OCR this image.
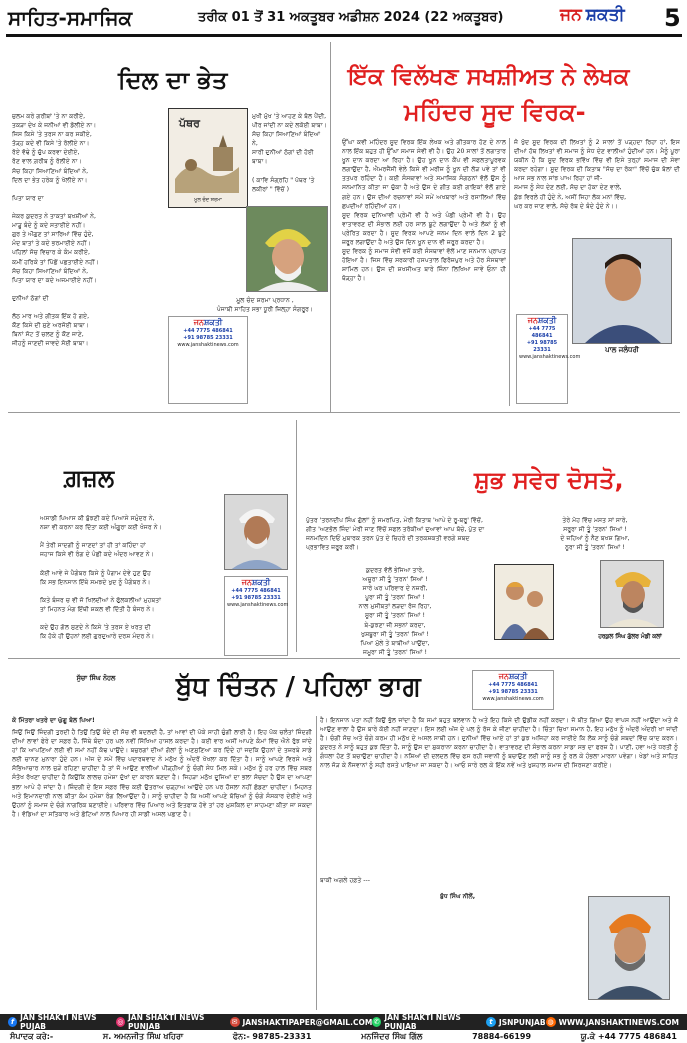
ਸਾਹਿਤ-ਸਮਾਜਿਕ	ਤਰੀਕ 01 ਤੋਂ 31 ਅਕਤੂਬਰ ਅਡੀਸ਼ਨ 2024 (22 ਅਕਤੂਬਰ)	ਜਨ ਸ਼ਕਤੀ	5
ਦਿਲ ਦਾ ਭੇਤ

ਜ਼ੁਲਮ ਕਰੇ ਗਰੀਬਾਂ 'ਤੇ ਨਾ ਕਰੀਏ,

ਤਕੜਾ ਦੇਖ ਕੇ ਜਨੀਆਂ ਵੀ ਡੋਲੀਏ ਨਾ।

ਜਿਸ ਕਿਸੇ 'ਤੇ ਤਰਸ ਨਾ ਕਰ ਸਕੀਏ,

ਤੋੜ੍ਹ ਕਦੇ ਵੀ ਕਿਸੇ 'ਤੇ ਰੋਲੀਏ ਨਾ।

ਰੋਏ ਵੱਢੇ ਨੂੰ ਚੁੱਪ ਕਰਵਾ ਦੇਈਏ,

ਰੋਣ ਵਾਲ ਗ਼ਰੀਬ ਨੂੰ ਰੋਲੀਏ ਨਾ।

ਸੱਚ ਕਿਹਾ ਸਿਆਣਿਆਂ ਬੰਦਿਆਂ ਨੇ,

ਦਿਲ ਦਾ ਭੇਤ ਹਰੇਕ ਨੂੰ ਖੋਲੀਏ ਨਾ।

ਪਿਤਾ ਯਾਰ ਦਾ

ਜੇਕਰ ਕੁਦਰਤ ਨੇ ਤਾਕਤਾਂ ਬਖਸ਼ੀਆਂ ਨੇ,

ਮਾੜੂ ਬੰਦੇ ਨੂੰ ਕਦੇ ਸਤਾਈਏ ਨਹੀਂ।

ਗੁਰ ਤੇ ਔਗੁਣ ਤਾਂ ਸਾਰਿਆਂ ਵਿੱਚ ਹੁੰਦੇ,

ਮੰਦ ਬਾਤਾਂ ਤੇ ਕਦੇ ਭਰਮਾਈਏ ਨਹੀਂ।

ਪਹਿਲਾਂ ਸੋਚ ਵਿਚਾਰ ਕੇ ਕੰਮ ਕਰੀਏ,

ਕਮੀਂ ਹਰਿਕੇ ਤਾਂ ਪਿੱਛੋਂ ਪਛਤਾਈਏ ਨਹੀਂ।

ਸੱਚ ਕਿਹਾ ਸਿਆਣਿਆਂ ਬੰਦਿਆਂ ਨੇ,

ਪਿਤਾ ਯਾਰ ਦਾ ਕਦੇ ਅਜਮਾਈਏ ਨਹੀਂ।

ਦੁਨੀਆਂ ਠੱਗਾਂ ਦੀ

ਲੱਠ ਮਾਰ ਅਤੇ ਗੀਤਕ ਇੱਕ ਹੋ ਗਏ,

ਕੌਣ ਕਿਸੇ ਦੀ ਸੁਣੇ ਅਰਜੋਈ ਬਾਬਾ।

ਬਿਨਾਂ ਸੱਟ ਤੋਂ ਚਲਣ ਨੂੰ ਕੌਣ ਜਾਣੇ,

ਜੀਹਨੂੰ ਜਾਣਦੀ ਜਾਵਦੇ ਸੋਈ ਬਾਬਾ।

ਪੱਥਰ
ਮੂਲ ਚੰਦ ਸ਼ਰਮਾ

ਮੁਖੀ ਮੁੱਖ 'ਤੇ ਆਹਣ ਕੇ ਬੋਲ ਪੈਂਦੀ,

ਪੀਰ ਜਾਂਦੀ ਨਾ ਕਦੇ ਲਕੋਈ ਬਾਬਾ।

ਸੱਚ ਕਿਹਾ ਸਿਆਣਿਆਂ ਬੰਦਿਆਂ ਨੇ,

ਸਾਰੀ ਦੁਨੀਆਂ ਠੱਗਾਂ ਦੀ ਹੋਈ ਬਾਬਾ।

( ਕਾਵਿ ਸੰਗ੍ਰਹਿ " ਪੱਥਰ 'ਤੇ ਲਕੀਰਾਂ " ਵਿੱਚੋਂ )

ਮੂਲ ਚੰਦ ਸ਼ਰਮਾ ਪ੍ਰਧਾਨ ,

ਪੰਜਾਬੀ ਸਾਹਿਤ ਸਭਾ ਧੂਰੀ ਜ਼ਿਲ੍ਹਾ ਸੰਗਰੂਰ।

ਜਨਸ਼ਕਤੀ
+44 7775 486841
+91 98785 23331
www.janshaktinews.com
ਇੱਕ ਵਿਲੱਖਣ ਸਖਸ਼ੀਅਤ ਨੇ ਲੇਖਕ
ਮਹਿੰਦਰ ਸੂਦ ਵਿਰਕ-

ਉੱਘਾ ਕਵੀ ਮਹਿੰਦਰ ਸੂਦ ਵਿਰਕ ਇੱਕ ਲੇਖਕ ਅਤੇ ਗੀਤਕਾਰ ਹੋਣ ਦੇ ਨਾਲ ਨਾਲ ਇੱਕ ਬਹੁਤ ਹੀ ਉੱਘਾ ਸਮਾਜ ਸੇਵੀ ਵੀ ਹੈ। ਉਹ 20 ਸਾਲਾਂ ਤੋਂ ਲਗਾਤਾਰ ਖੂਨ ਦਾਨ ਕਰਦਾ ਆ ਰਿਹਾ ਹੈ। ਉਹ ਖੂਨ ਦਾਨ ਕੈਂਪ ਵੀ ਸਫਲਤਾਪੂਰਵਕ ਲਗਾਉਂਦਾ ਹੈ, ਐਮਰਜੈਂਸੀ ਵੇਲੇ ਕਿਸੇ ਵੀ ਮਰੀਜ਼ ਨੂੰ ਖੂਨ ਦੀ ਲੋੜ ਪਵੇ ਤਾਂ ਵੀ ਤਤਪਰ ਰਹਿੰਦਾ ਹੈ। ਕਈ ਸੰਸਥਾਵਾਂ ਅਤੇ ਸਮਾਜਿਕ ਸੰਗਠਨਾਂ ਵੱਲੋਂ ਉਸ ਨੂੰ ਸਨਮਾਨਿਤ ਕੀਤਾ ਜਾ ਚੁੱਕਾ ਹੈ ਅਤੇ ਉਸ ਦੇ ਗੀਤ ਕਈ ਗਾਇਕਾਂ ਵੱਲੋਂ ਗਾਏ ਗਏ ਹਨ। ਉਸ ਦੀਆਂ ਰਚਨਾਵਾਂ ਸਮੇਂ ਸਮੇਂ ਅਖਬਾਰਾਂ ਅਤੇ ਰਸਾਲਿਆਂ ਵਿੱਚ ਛਪਦੀਆਂ ਰਹਿੰਦੀਆਂ ਹਨ।

ਸੂਦ ਵਿਰਕ ਦੁਨਿਆਵੀ ਪ੍ਰੇਮੀ ਵੀ ਹੈ ਅਤੇ ਪੰਛੀ ਪ੍ਰੇਮੀ ਵੀ ਹੈ। ਉਹ ਵਾਤਾਵਰਣ ਦੀ ਸੰਭਾਲ ਲਈ ਹਰ ਸਾਲ ਬੂਟੇ ਲਗਾਉਂਦਾ ਹੈ ਅਤੇ ਲੋਕਾਂ ਨੂੰ ਵੀ ਪ੍ਰੇਰਿਤ ਕਰਦਾ ਹੈ। ਸੂਦ ਵਿਰਕ ਆਪਣੇ ਜਨਮ ਦਿਨ ਵਾਲੇ ਦਿਨ 2 ਬੂਟੇ ਜ਼ਰੂਰ ਲਗਾਉਂਦਾ ਹੈ ਅਤੇ ਉਸ ਦਿਨ ਖੂਨ ਦਾਨ ਵੀ ਜ਼ਰੂਰ ਕਰਦਾ ਹੈ।

ਸੂਦ ਵਿਰਕ ਨੂੰ ਸਮਾਜ ਸੇਵੀ ਵਜੋਂ ਕਈ ਸੰਸਥਾਵਾਂ ਵੱਲੋਂ ਮਾਣ ਸਨਮਾਨ ਪ੍ਰਾਪਤ ਹੋਇਆ ਹੈ। ਜਿਸ ਵਿੱਚ ਸਰਕਾਰੀ ਹਸਪਤਾਲ ਫਿਰੋਜ਼ਪੁਰ ਅਤੇ ਹੋਰ ਸੰਸਥਾਵਾਂ ਸ਼ਾਮਿਲ ਹਨ। ਉਸ ਦੀ ਸ਼ਖਸੀਅਤ ਬਾਰੇ ਜਿੰਨਾ ਲਿਖਿਆ ਜਾਵੇ ਓਨਾ ਹੀ ਥੋੜ੍ਹਾ ਹੈ।

ਜੋ ਖੁੱਦ ਸੂਦ ਵਿਰਕ ਦੀ ਲਿਖਤਾਂ ਨੂੰ 2 ਸਾਲਾਂ ਤੋਂ ਪੜ੍ਹਦਾ ਰਿਹਾ ਹਾਂ, ਇਸ ਦੀਆਂ ਹੱਥ ਲਿਖਤਾਂ ਵੀ ਸਮਾਜ ਨੂੰ ਸੇਧ ਦੇਣ ਵਾਲੀਆਂ ਹੁੰਦੀਆਂ ਹਨ। ਮੈਨੂੰ ਪੂਰਾ ਯਕੀਨ ਹੈ ਕਿ ਸੂਦ ਵਿਰਕ ਭਵਿੱਖ ਵਿੱਚ ਵੀ ਇਸੇ ਤਰ੍ਹਾਂ ਸਮਾਜ ਦੀ ਸੇਵਾ ਕਰਦਾ ਰਹੇਗਾ। ਸੂਦ ਵਿਰਕ ਦੀ ਕਿਤਾਬ "ਸੱਚ ਦਾ ਰੋਕਾ" ਵਿੱਚੋਂ ਚੁੱਕ ਬੋਲਾਂ ਦੀ ਆਸ ਸਭ ਨਾਲ ਸਾਂਝ ਪਾਅ ਰਿਹਾ ਹਾਂ ਜੀ-

ਸਮਾਜ ਨੂੰ ਸੇਧ ਦੇਣ ਲਈ, ਸੱਚ ਦਾ ਹੋਕਾ ਦੇਣ ਵਾਲੇ,

ਕੁੱਝ ਵਿਰਲੇ ਹੀ ਹੁੰਦੇ ਨੇ, ਅਸੀਂ ਜਿਹਾ ਲੋਕ ਮਨਾਂ ਵਿੱਚ,

ਘਰ ਕਰ ਜਾਣ ਵਾਲੇ, ਸੱਚੇ ਰੱਬ ਦੇ ਬੰਦੇ ਹੁੰਦੇ ਨੇ।।

ਪਾਲ ਜਲੰਧਰੀ
ਜਨਸ਼ਕਤੀ
+44 7775 486841
+91 98785 23331
www.janshaktinews.com
ਗ਼ਜ਼ਲ

ਅਸਾਡੀ ਪਿਆਸ ਕੀ ਬੁੱਝਣੀ ਕਦੇ ਪਿਆਸੇ ਸਮੁੰਦਰ ਨੇ,

ਨਸ਼ਾ ਵੀ ਕਰਨਾ ਕਰ ਦਿੱਤਾ ਕਈ ਅੰਗੂਰਾ ਕਈ ਖੰਜਰ ਨੇ।

ਮੈਂ ਤੇਰੀ ਸਾਦਗੀ ਨੂੰ ਜਾਣਦਾਂ ਤਾਂ ਹੀ ਤਾਂ ਕਹਿੰਦਾ ਹਾਂ

ਜਹਾਜ ਕਿਸੇ ਵੀ ਰੰਗ ਦੇ ਪੰਛੀ ਕਦੇ ਅੰਦਰ ਆਵਣ ਨੇ।

ਕੋਈ ਆਵੇ ਜੇ ਪੈਗੰਬਰ ਕਿਸੇ ਨੂੰ ਪੈਗਾਮ ਦੇਵੇ ਹੁਣ ਉਹ

ਕਿ ਸਭ ਇਨਸਾਨ ਇੱਥੇ ਸਮਝਦੇ ਖੁਦ ਨੂੰ ਪੈਗੰਬਰ ਨੇ।

ਕਿਤੇ ਬੰਜਰ ਚ ਵੀ ਜੋ ਖਿਲਦੀਆਂ ਨੇ ਫੁੱਲਕਲੀਆਂ ਮੁਹਬਤਾਂ

ਤਾਂ ਮਿਹਨਤ ਮੰਗ ਇੱਥੀ ਸ਼ਕਲ ਵੀ ਦਿੱਤੀ ਹੈ ਬੰਜਰ ਨੇ।

ਕਦੇ ਉਹ ਗੱਲ ਸੁਣਦੇ ਨੇ ਕਿਸੇ 'ਤੇ ਤਰਸ ਏ ਖਰਤ ਦੀ

ਕਿ ਹੋਕੇ ਹੀ ਉਹਨਾਂ ਲਈ ਗੁਰਦੁਆਰੇ ਦਰਸ਼ ਮੰਦਰ ਨੇ।

ਸੁੱਚਾ ਸਿੰਘ ਨੋਹਲ
ਜਨਸ਼ਕਤੀ
+44 7775 486841
+91 98785 23331
www.janshaktinews.com
ਸ਼ੁਭ ਸਵੇਰ ਦੋਸਤੋ,
ਪੁੱਤਰ 'ਤਰਨਦੀਪ ਸਿੰਘ ਗੁੱਲਾਂ' ਨੂੰ ਸਮਰਪਿਤ, ਮੇਰੀ ਕਿਤਾਬ 'ਆਪੇ ਦੇ ਰੂ-ਬਰੂ' ਵਿੱਚੋਂ, ਗੀਤ 'ਅਣਭੋਲ ਜਿੰਦ' ਮੇਰੀ ਜਾਣ ਵਿੱਚੋਂ ਸਫਲ ਤਰੱਕੀਆਂ ਦੁਆਵਾਂ ਆਪ ਬੱਚੇ, ਪੁੱਤ ਦਾ ਜਨਮਦਿਨ ਦਿਓਂ ਮੁਬਾਰਕ ਤਰਨ ਪੁੱਤ ਦੇ ਚਿਹਰੇ ਦੀ ਤਰਕਸ਼ਕਤੀ ਵਰਗੇ ਸ਼ਬਦ ਪ੍ਰਭਾਵਿਤ ਜ਼ਰੂਰ ਕਰੀ।

ਕੁਦਰਤ ਵੱਲੋਂ ਭੇਜਿਆ ਤਾਰੇ,

ਅਜ਼ੂਰਾ ਸੀ ਤੂੰ 'ਤਰਨ' ਸਿਆਂ !

ਸਾਰੇ ਘਰ ਪਰਿਵਾਰ ਦੇ ਨਜ਼ਰੀ,

ਪੂਰਾ ਸੀ ਤੂੰ 'ਤਰਨ' ਸਿਆਂ !

ਨਾਲ ਮੁਸੀਬਤਾਂ ਲੜਦਾ ਰੋਜ ਰਿਹਾ,

ਸੂਰਾ ਸੀ ਤੂੰ 'ਤਰਨ' ਸਿਆਂ !

ਬੇ-ਕੁਝਣਾ ਜੀ ਸਭਨਾਂ ਕਰਦਾ,

ਖੁਸ਼ਬੂਰਾ ਸੀ ਤੂੰ 'ਤਰਨ' ਸਿਆਂ !

ਪਿਆ ਮੁੱਲੇ ਤੇ ਬਾਬੀਆਂ ਪਾਉਂਦਾ,

ਜਮੂਰਾ ਸੀ ਤੂੰ 'ਤਰਨ' ਸਿਆਂ !

ਤੇਰੇ ਮੋਹ ਵਿੱਚ ਮਸਤ ਸਾਂ ਸਾਰੇ,

ਸਰੂਰਾ ਸੀ ਤੂੰ 'ਤਰਨ' ਸਿਆਂ !

ਦੇ ਜ਼ਹਿਆਂ ਨੂੰ ਨੈਣ ਬਖਸ਼ ਗਿਆ,

ਨੂਰਾ ਸੀ ਤੂੰ 'ਤਰਨ' ਸਿਆਂ !

ਹਰਕੁਲ ਸਿੰਘ ਗੁੱਲਰ ਮੰਡੀ ਕਲਾਂ
ਬੁੱਧ ਚਿੰਤਨ / ਪਹਿਲਾ ਭਾਗ	ਜਨਸ਼ਕਤੀ
+44 7775 486841
+91 98785 23331
www.janshaktinews.com
ਕੋ ਮਿੱਤਰਾ ਖਤਰੇ ਦਾ ਘੁੱਗੂ ਬੋਲ ਪਿਆ!
ਜਿਉਂ ਜਿਉਂ ਜ਼ਿੰਦਗੀ ਤੁਰਦੀ ਹੈ ਤਿਉਂ ਤਿਉਂ ਬੰਦੇ ਦੀ ਸੋਚ ਵੀ ਬਦਲਦੀ ਹੈ, ਤਾਂ ਆਵਾਂ ਦੀ ਪੱਕੇ ਸਾਹੀ ਚੁੰਗੀ ਲਾਈ ਹੈ। ਇਹ ਪੱਕ ਚਲੰਤਾਂ ਜ਼ਿੰਦਗੀ ਦੀਆਂ ਲਾਵਾਂ ਫੇਰੇ ਦਾ ਸਫ਼ਰ ਹੈ, ਜਿੱਥੇ ਬੰਦਾ ਹਰ ਪਲ ਨਵੀਂ ਸਿੱਖਿਆ ਹਾਸਲ ਕਰਦਾ ਹੈ। ਕਈ ਵਾਰ ਅਸੀਂ ਆਪਣੇ ਕੰਮਾਂ ਵਿੱਚ ਐਨੇ ਰੁੱਝ ਜਾਂਦੇ ਹਾਂ ਕਿ ਆਪਣਿਆਂ ਲਈ ਵੀ ਸਮਾਂ ਨਹੀਂ ਕੱਢ ਪਾਉਂਦੇ। ਬਜ਼ੁਰਗਾਂ ਦੀਆਂ ਗੱਲਾਂ ਨੂੰ ਅਣਸੁਣਿਆ ਕਰ ਦਿੰਦੇ ਹਾਂ ਜਦਕਿ ਉਹਨਾਂ ਦੇ ਤਜ਼ਰਬੇ ਸਾਡੇ ਲਈ ਚਾਨਣ ਮੁਨਾਰਾ ਹੁੰਦੇ ਹਨ। ਅੱਜ ਦੇ ਸਮੇਂ ਵਿੱਚ ਪਦਾਰਥਵਾਦ ਨੇ ਮਨੁੱਖ ਨੂੰ ਅੰਦਰੋਂ ਖੋਖਲਾ ਕਰ ਦਿੱਤਾ ਹੈ। ਸਾਨੂੰ ਆਪਣੇ ਵਿਰਸੇ ਅਤੇ ਸੱਭਿਆਚਾਰ ਨਾਲ ਜੁੜੇ ਰਹਿਣਾ ਚਾਹੀਦਾ ਹੈ ਤਾਂ ਜੋ ਆਉਣ ਵਾਲੀਆਂ ਪੀੜ੍ਹੀਆਂ ਨੂੰ ਚੰਗੀ ਸੇਧ ਮਿਲ ਸਕੇ। ਮਨੁੱਖ ਨੂੰ ਹਰ ਹਾਲ ਵਿੱਚ ਸਬਰ ਸੰਤੋਖ ਰੱਖਣਾ ਚਾਹੀਦਾ ਹੈ ਕਿਉਂਕਿ ਲਾਲਚ ਹਮੇਸ਼ਾ ਦੁੱਖਾਂ ਦਾ ਕਾਰਨ ਬਣਦਾ ਹੈ। ਜਿਹੜਾ ਮਨੁੱਖ ਦੂਜਿਆਂ ਦਾ ਭਲਾ ਸੋਚਦਾ ਹੈ ਉਸ ਦਾ ਆਪਣਾ ਭਲਾ ਆਪੇ ਹੋ ਜਾਂਦਾ ਹੈ। ਜ਼ਿੰਦਗੀ ਦੇ ਇਸ ਸਫ਼ਰ ਵਿੱਚ ਕਈ ਉਤਰਾਅ ਚੜ੍ਹਾਅ ਆਉਂਦੇ ਹਨ ਪਰ ਹੌਸਲਾ ਨਹੀਂ ਛੱਡਣਾ ਚਾਹੀਦਾ। ਮਿਹਨਤ ਅਤੇ ਇਮਾਨਦਾਰੀ ਨਾਲ ਕੀਤਾ ਕੰਮ ਹਮੇਸ਼ਾ ਰੰਗ ਲਿਆਉਂਦਾ ਹੈ। ਸਾਨੂੰ ਚਾਹੀਦਾ ਹੈ ਕਿ ਅਸੀਂ ਆਪਣੇ ਬੱਚਿਆਂ ਨੂੰ ਚੰਗੇ ਸੰਸਕਾਰ ਦੇਈਏ ਅਤੇ ਉਹਨਾਂ ਨੂੰ ਸਮਾਜ ਦੇ ਚੰਗੇ ਨਾਗਰਿਕ ਬਣਾਈਏ। ਪਰਿਵਾਰ ਵਿੱਚ ਪਿਆਰ ਅਤੇ ਇਤਫਾਕ ਹੋਵੇ ਤਾਂ ਹਰ ਮੁਸ਼ਕਿਲ ਦਾ ਸਾਹਮਣਾ ਕੀਤਾ ਜਾ ਸਕਦਾ ਹੈ। ਵੱਡਿਆਂ ਦਾ ਸਤਿਕਾਰ ਅਤੇ ਛੋਟਿਆਂ ਨਾਲ ਪਿਆਰ ਹੀ ਸਾਡੀ ਅਸਲ ਪਛਾਣ ਹੈ।
ਹੈ। ਇਨਸਾਨ ਪਤਾ ਨਹੀਂ ਕਿਉਂ ਭੁੱਲ ਜਾਂਦਾ ਹੈ ਕਿ ਸਮਾਂ ਬਹੁਤ ਬਲਵਾਨ ਹੈ ਅਤੇ ਇਹ ਕਿਸੇ ਦੀ ਉਡੀਕ ਨਹੀਂ ਕਰਦਾ। ਜੋ ਬੀਤ ਗਿਆ ਉਹ ਵਾਪਸ ਨਹੀਂ ਆਉਂਦਾ ਅਤੇ ਜੋ ਆਉਣ ਵਾਲਾ ਹੈ ਉਸ ਬਾਰੇ ਕੋਈ ਨਹੀਂ ਜਾਣਦਾ। ਇਸ ਲਈ ਅੱਜ ਦੇ ਪਲ ਨੂੰ ਰੱਜ ਕੇ ਜੀਣਾ ਚਾਹੀਦਾ ਹੈ। ਚਿੰਤਾ ਚਿਖਾ ਸਮਾਨ ਹੈ, ਇਹ ਮਨੁੱਖ ਨੂੰ ਅੰਦਰੋਂ ਅੰਦਰੀ ਖਾ ਜਾਂਦੀ ਹੈ। ਚੰਗੀ ਸੋਚ ਅਤੇ ਚੰਗੇ ਕਰਮ ਹੀ ਮਨੁੱਖ ਦੇ ਅਸਲ ਸਾਥੀ ਹਨ। ਦੁਨੀਆਂ ਵਿੱਚ ਆਏ ਹਾਂ ਤਾਂ ਕੁਝ ਅਜਿਹਾ ਕਰ ਜਾਈਏ ਕਿ ਲੋਕ ਸਾਨੂੰ ਚੰਗੇ ਸ਼ਬਦਾਂ ਵਿੱਚ ਯਾਦ ਕਰਨ। ਕੁਦਰਤ ਨੇ ਸਾਨੂੰ ਬਹੁਤ ਕੁਝ ਦਿੱਤਾ ਹੈ, ਸਾਨੂੰ ਉਸ ਦਾ ਸ਼ੁਕਰਾਨਾ ਕਰਨਾ ਚਾਹੀਦਾ ਹੈ। ਵਾਤਾਵਰਣ ਦੀ ਸੰਭਾਲ ਕਰਨਾ ਸਾਡਾ ਸਭ ਦਾ ਫਰਜ਼ ਹੈ। ਪਾਣੀ, ਹਵਾ ਅਤੇ ਧਰਤੀ ਨੂੰ ਗੰਧਲਾ ਹੋਣ ਤੋਂ ਬਚਾਉਣਾ ਚਾਹੀਦਾ ਹੈ। ਨਸ਼ਿਆਂ ਦੀ ਦਲਦਲ ਵਿੱਚ ਫਸ ਰਹੀ ਜਵਾਨੀ ਨੂੰ ਬਚਾਉਣ ਲਈ ਸਾਨੂੰ ਸਭ ਨੂੰ ਰਲ ਕੇ ਹੰਭਲਾ ਮਾਰਨਾ ਪਵੇਗਾ। ਖੇਡਾਂ ਅਤੇ ਸਾਹਿਤ ਨਾਲ ਜੋੜ ਕੇ ਨੌਜਵਾਨਾਂ ਨੂੰ ਸਹੀ ਰਸਤੇ ਪਾਇਆ ਜਾ ਸਕਦਾ ਹੈ। ਆਓ ਸਾਰੇ ਰਲ ਕੇ ਇੱਕ ਨਵੇਂ ਅਤੇ ਖੁਸ਼ਹਾਲ ਸਮਾਜ ਦੀ ਸਿਰਜਣਾ ਕਰੀਏ।
ਬਾਕੀ ਅਗਲੇ ਹਫ਼ਤੇ ---
ਬੁੱਧ ਸਿੰਘ ਨੀਲੋਂ,
f JAN SHAKTI NEWS PUJAB	◎ JAN SHAKTI NEWS PUNJAB	✉ JANSHAKTIPAPER@GMAIL.COM ✆ JAN SHAKTI NEWS PUNJAB	t JSNPUNJAB ◍ WWW.JANSHAKTINEWS.COM
ਸੰਪਾਦਕ ਕਰੇ:-	ਸ. ਅਮਨਜੀਤ ਸਿੰਘ ਖਹਿਰਾ	ਫੋਨ:- 98785-23331	ਮਨਜਿੰਦਰ ਸਿੰਘ ਗਿੱਲ	78884-66199	ਯੂ.ਕੇ +44 7775 486841
